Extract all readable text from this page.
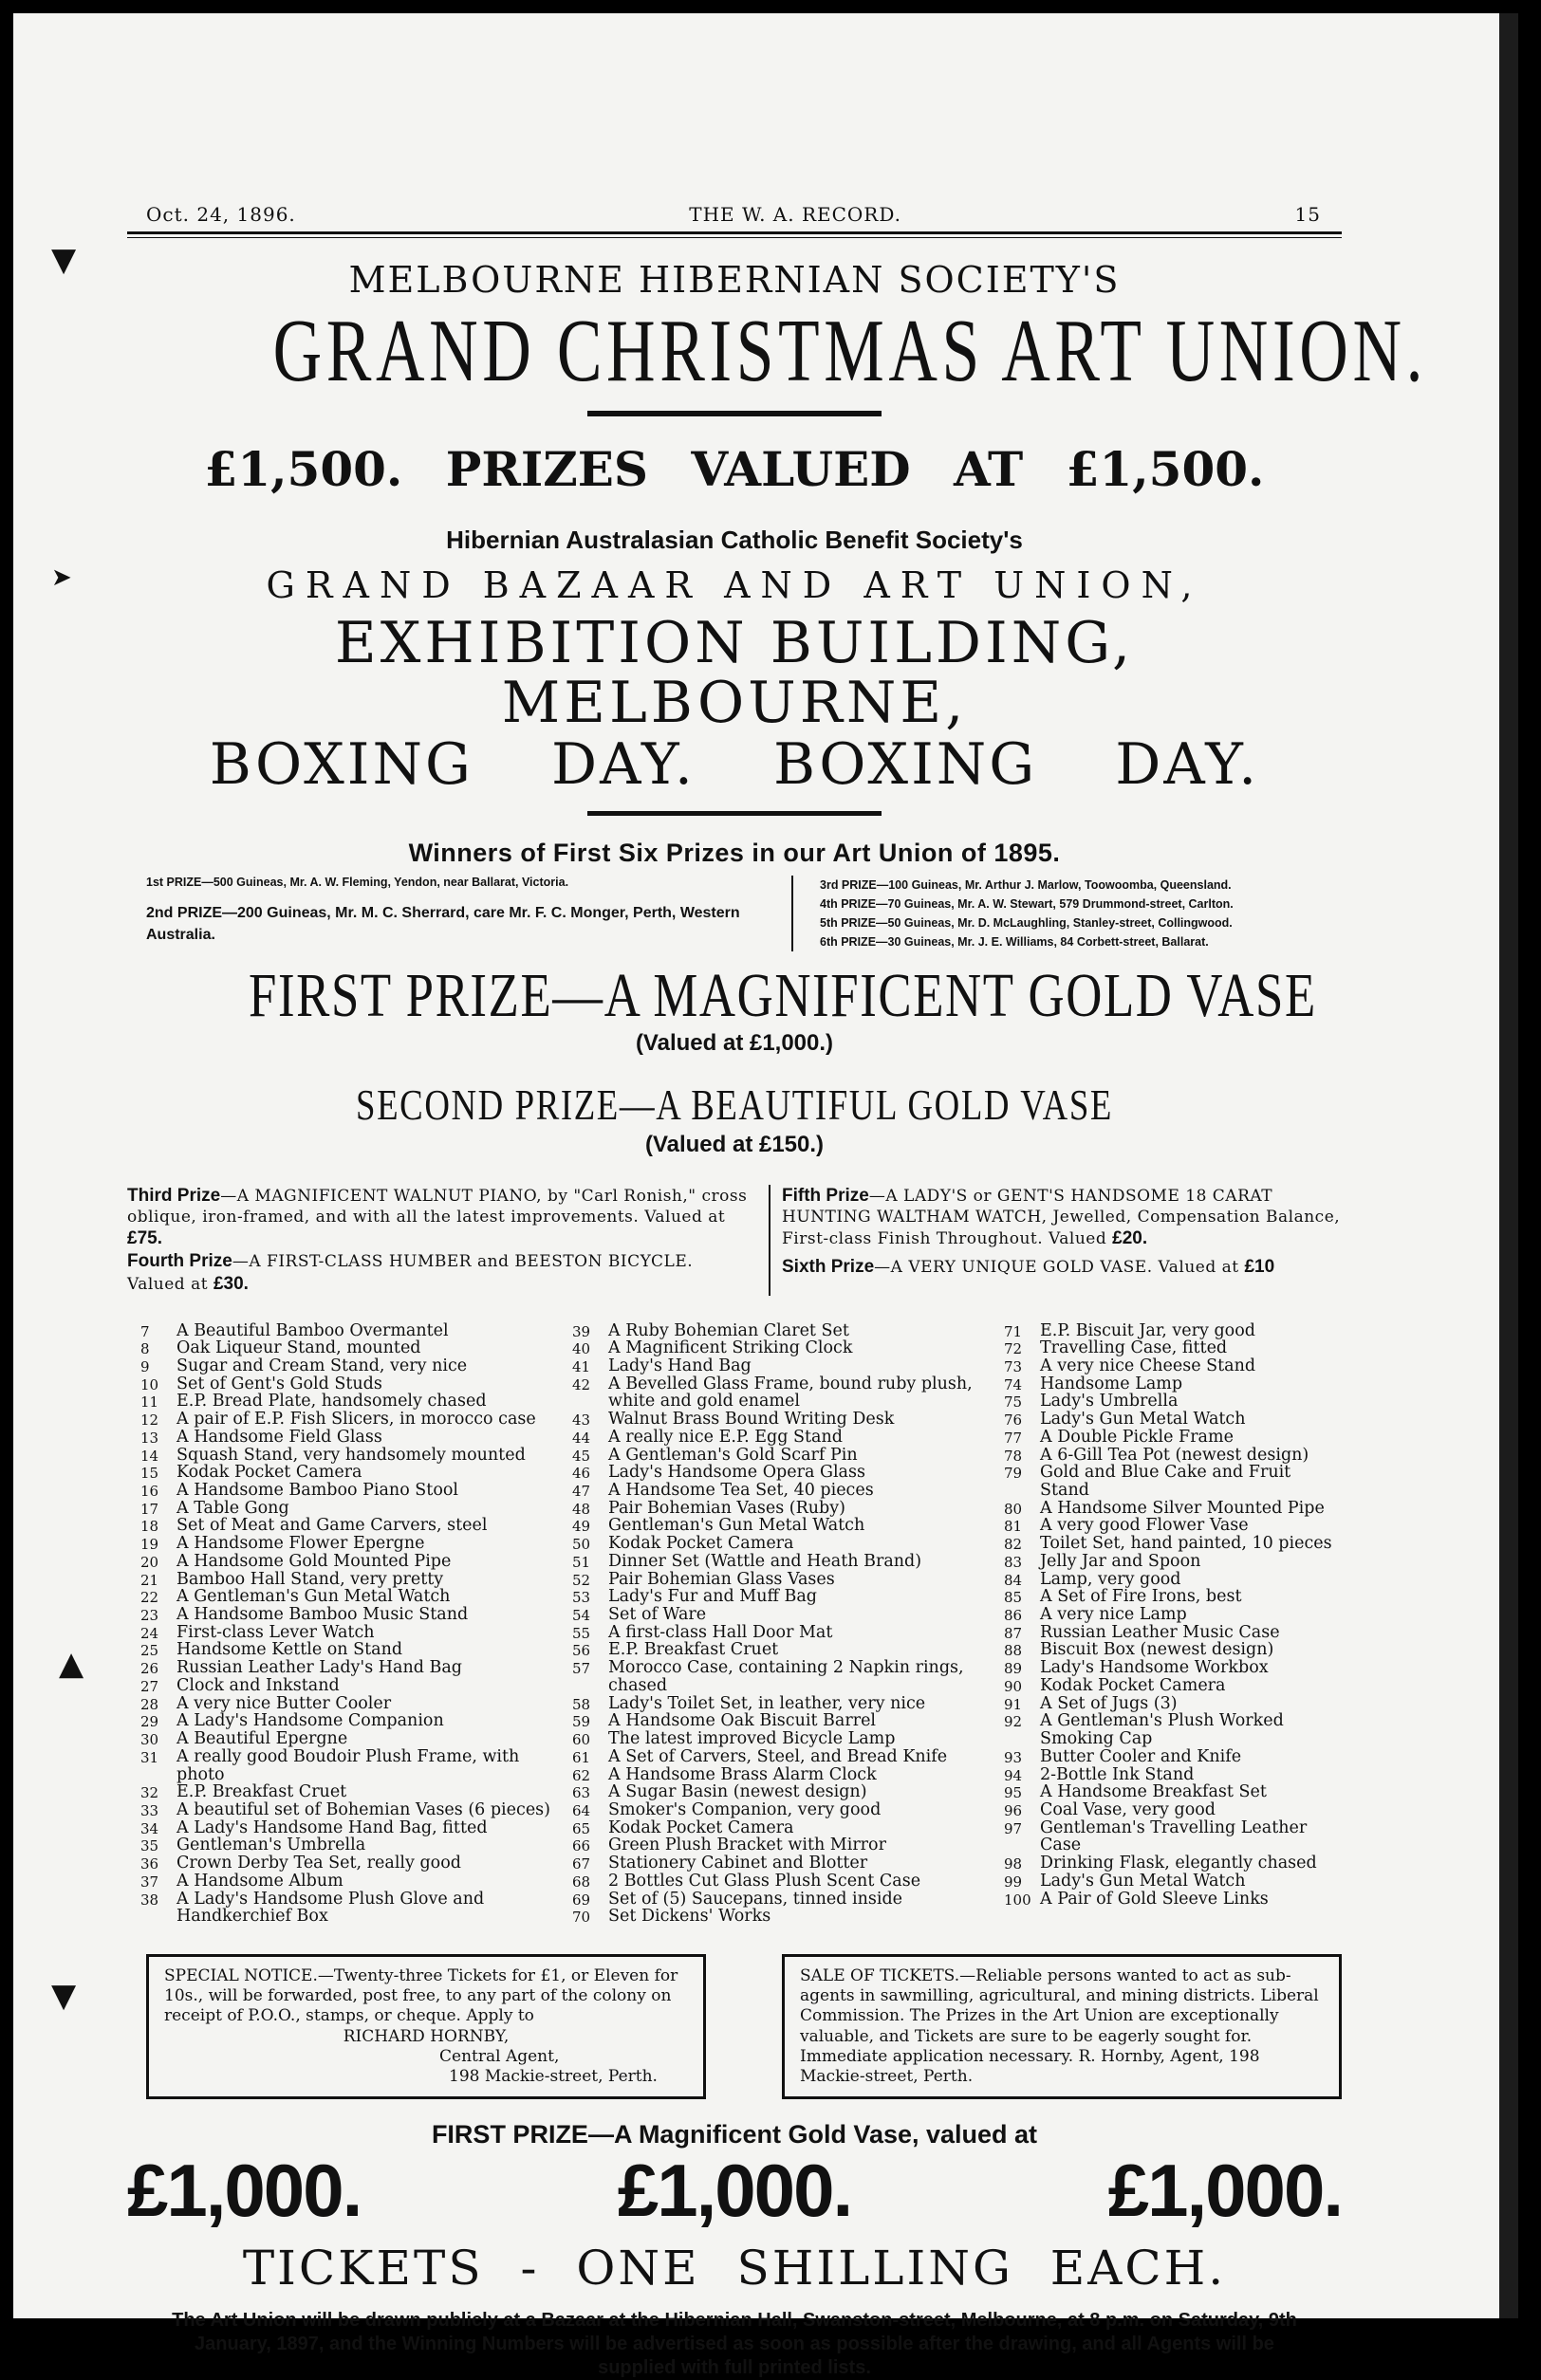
▼
➤
▲
▼
Oct. 24, 1896.	THE W. A. RECORD.	15
MELBOURNE HIBERNIAN SOCIETY'S
GRAND CHRISTMAS ART UNION.
£1,500. PRIZES VALUED AT £1,500.
Hibernian Australasian Catholic Benefit Society's
GRAND BAZAAR AND ART UNION,
EXHIBITION BUILDING, MELBOURNE,
BOXING DAY. BOXING DAY.
Winners of First Six Prizes in our Art Union of 1895.
1st PRIZE—500 Guineas, Mr. A. W. Fleming, Yendon, near Ballarat, Victoria.
2nd PRIZE—200 Guineas, Mr. M. C. Sherrard, care Mr. F. C. Monger, Perth, Western Australia.
3rd PRIZE—100 Guineas, Mr. Arthur J. Marlow, Toowoomba, Queensland.
4th PRIZE—70 Guineas, Mr. A. W. Stewart, 579 Drummond-street, Carlton.
5th PRIZE—50 Guineas, Mr. D. McLaughling, Stanley-street, Collingwood.
6th PRIZE—30 Guineas, Mr. J. E. Williams, 84 Corbett-street, Ballarat.
FIRST PRIZE—A MAGNIFICENT GOLD VASE
(Valued at £1,000.)
SECOND PRIZE—A BEAUTIFUL GOLD VASE
(Valued at £150.)
Third Prize—A MAGNIFICENT WALNUT PIANO, by "Carl Ronish," cross oblique, iron-framed, and with all the latest improvements. Valued at £75.
Fourth Prize—A FIRST-CLASS HUMBER and BEESTON BICYCLE. Valued at £30.
Fifth Prize—A LADY'S or GENT'S HANDSOME 18 CARAT HUNTING WALTHAM WATCH, Jewelled, Compensation Balance, First-class Finish Throughout. Valued £20.
Sixth Prize—A VERY UNIQUE GOLD VASE. Valued at £10
7	A Beautiful Bamboo Overmantel
8	Oak Liqueur Stand, mounted
9	Sugar and Cream Stand, very nice
10	Set of Gent's Gold Studs
11	E.P. Bread Plate, handsomely chased
12	A pair of E.P. Fish Slicers, in morocco case
13	A Handsome Field Glass
14	Squash Stand, very handsomely mounted
15	Kodak Pocket Camera
16	A Handsome Bamboo Piano Stool
17	A Table Gong
18	Set of Meat and Game Carvers, steel
19	A Handsome Flower Epergne
20	A Handsome Gold Mounted Pipe
21	Bamboo Hall Stand, very pretty
22	A Gentleman's Gun Metal Watch
23	A Handsome Bamboo Music Stand
24	First-class Lever Watch
25	Handsome Kettle on Stand
26	Russian Leather Lady's Hand Bag
27	Clock and Inkstand
28	A very nice Butter Cooler
29	A Lady's Handsome Companion
30	A Beautiful Epergne
31	A really good Boudoir Plush Frame, with photo
32	E.P. Breakfast Cruet
33	A beautiful set of Bohemian Vases (6 pieces)
34	A Lady's Handsome Hand Bag, fitted
35	Gentleman's Umbrella
36	Crown Derby Tea Set, really good
37	A Handsome Album
38	A Lady's Handsome Plush Glove and Handkerchief Box
39	A Ruby Bohemian Claret Set
40	A Magnificent Striking Clock
41	Lady's Hand Bag
42	A Bevelled Glass Frame, bound ruby plush, white and gold enamel
43	Walnut Brass Bound Writing Desk
44	A really nice E.P. Egg Stand
45	A Gentleman's Gold Scarf Pin
46	Lady's Handsome Opera Glass
47	A Handsome Tea Set, 40 pieces
48	Pair Bohemian Vases (Ruby)
49	Gentleman's Gun Metal Watch
50	Kodak Pocket Camera
51	Dinner Set (Wattle and Heath Brand)
52	Pair Bohemian Glass Vases
53	Lady's Fur and Muff Bag
54	Set of Ware
55	A first-class Hall Door Mat
56	E.P. Breakfast Cruet
57	Morocco Case, containing 2 Napkin rings, chased
58	Lady's Toilet Set, in leather, very nice
59	A Handsome Oak Biscuit Barrel
60	The latest improved Bicycle Lamp
61	A Set of Carvers, Steel, and Bread Knife
62	A Handsome Brass Alarm Clock
63	A Sugar Basin (newest design)
64	Smoker's Companion, very good
65	Kodak Pocket Camera
66	Green Plush Bracket with Mirror
67	Stationery Cabinet and Blotter
68	2 Bottles Cut Glass Plush Scent Case
69	Set of (5) Saucepans, tinned inside
70	Set Dickens' Works
71	E.P. Biscuit Jar, very good
72	Travelling Case, fitted
73	A very nice Cheese Stand
74	Handsome Lamp
75	Lady's Umbrella
76	Lady's Gun Metal Watch
77	A Double Pickle Frame
78	A 6-Gill Tea Pot (newest design)
79	Gold and Blue Cake and Fruit Stand
80	A Handsome Silver Mounted Pipe
81	A very good Flower Vase
82	Toilet Set, hand painted, 10 pieces
83	Jelly Jar and Spoon
84	Lamp, very good
85	A Set of Fire Irons, best
86	A very nice Lamp
87	Russian Leather Music Case
88	Biscuit Box (newest design)
89	Lady's Handsome Workbox
90	Kodak Pocket Camera
91	A Set of Jugs (3)
92	A Gentleman's Plush Worked Smoking Cap
93	Butter Cooler and Knife
94	2-Bottle Ink Stand
95	A Handsome Breakfast Set
96	Coal Vase, very good
97	Gentleman's Travelling Leather Case
98	Drinking Flask, elegantly chased
99	Lady's Gun Metal Watch
100 A Pair of Gold Sleeve Links
SPECIAL NOTICE.—Twenty-three Tickets for £1, or Eleven for 10s., will be forwarded, post free, to any part of the colony on receipt of P.O.O., stamps, or cheque. Apply to
RICHARD HORNBY,
Central Agent,
198 Mackie-street, Perth.
SALE OF TICKETS.—Reliable persons wanted to act as sub-agents in sawmilling, agricultural, and mining districts. Liberal Commission. The Prizes in the Art Union are exceptionally valuable, and Tickets are sure to be eagerly sought for. Immediate application necessary. R. Hornby, Agent, 198 Mackie-street, Perth.
FIRST PRIZE—A Magnificent Gold Vase, valued at
£1,000.	£1,000.	£1,000.
TICKETS - ONE SHILLING EACH.
The Art Union will be drawn publicly at a Bazaar at the Hibernian Hall, Swanston-street, Melbourne, at 8 p.m. on Saturday, 9th January, 1897, and the Winning Numbers will be advertised as soon as possible after the drawing, and all Agents will be supplied with full printed lists.
